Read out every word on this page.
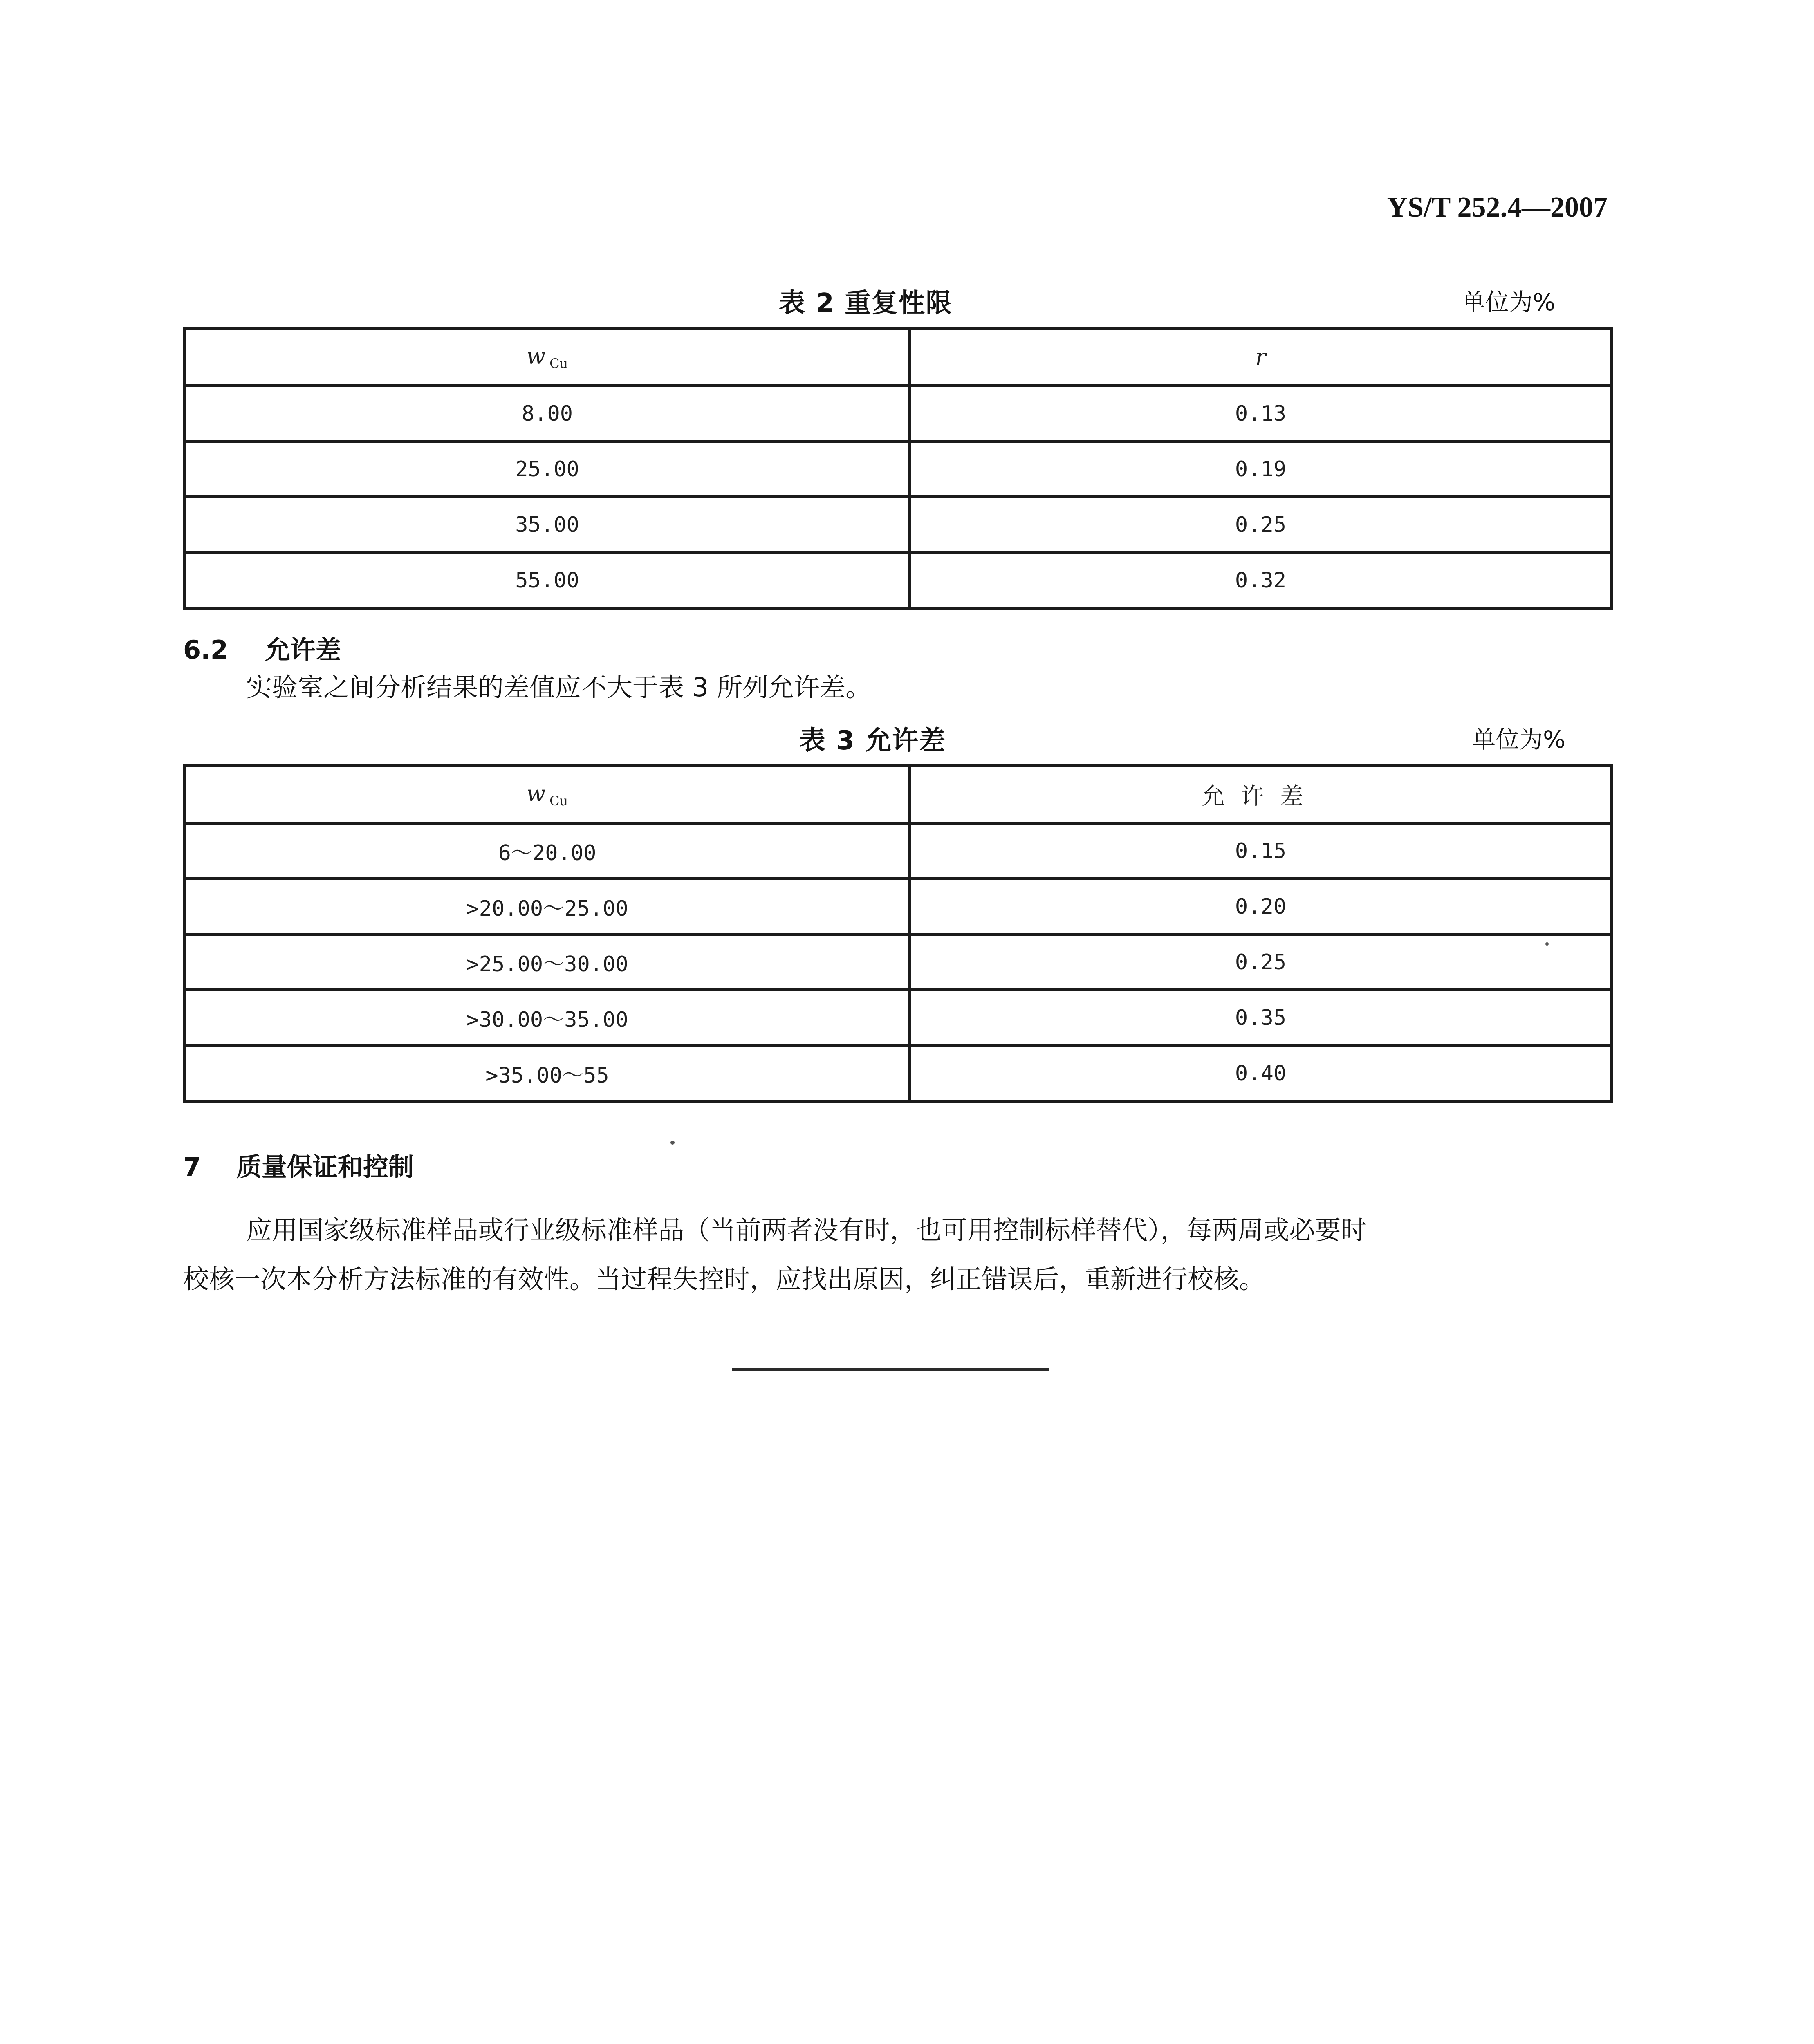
YS/T 252.4—2007
表 2 重复性限	单位为%
w Cu	r
8.00	0.13
25.00	0.19
35.00	0.25
55.00	0.32
6.2 允许差
实验室之间分析结果的差值应不大于表 3 所列允许差。
表 3 允许差	单位为%
w Cu	允许差
6～20.00	0.15
>20.00～25.00	0.20
>25.00～30.00	0.25
>30.00～35.00	0.35
>35.00～55	0.40
7 质量保证和控制
应用国家级标准样品或行业级标准样品（当前两者没有时，也可用控制标样替代），每两周或必要时
校核一次本分析方法标准的有效性。当过程失控时，应找出原因，纠正错误后，重新进行校核。
